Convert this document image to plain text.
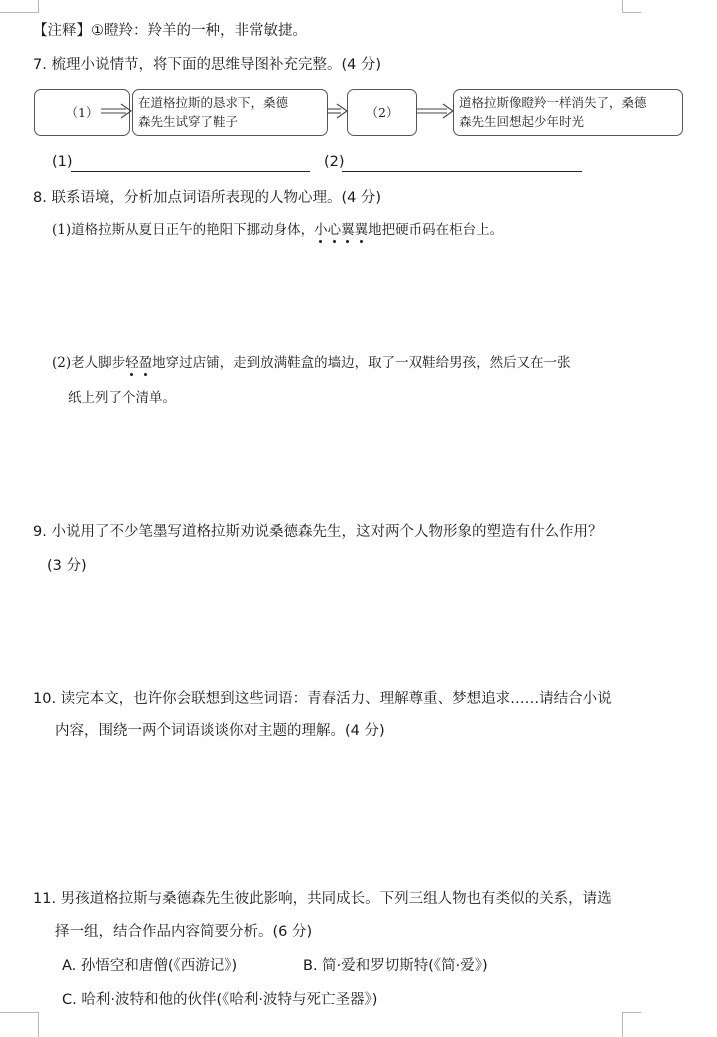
【注释】①瞪羚：羚羊的一种，非常敏捷。
7. 梳理小说情节，将下面的思维导图补充完整。(4 分)
（1）
在道格拉斯的恳求下，桑德
森先生试穿了鞋子
（2）
道格拉斯像瞪羚一样消失了，桑德
森先生回想起少年时光
(1)	(2)
8. 联系语境，分析加点词语所表现的人物心理。(4 分)
(1)道格拉斯从夏日正午的艳阳下挪动身体，小心翼翼地把硬币码在柜台上。
(2)老人脚步轻盈地穿过店铺，走到放满鞋盒的墙边，取了一双鞋给男孩，然后又在一张
纸上列了个清单。
9. 小说用了不少笔墨写道格拉斯劝说桑德森先生，这对两个人物形象的塑造有什么作用？
(3 分)
10. 读完本文，也许你会联想到这些词语：青春活力、理解尊重、梦想追求……请结合小说
内容，围绕一两个词语谈谈你对主题的理解。(4 分)
11. 男孩道格拉斯与桑德森先生彼此影响，共同成长。下列三组人物也有类似的关系，请选
择一组，结合作品内容简要分析。(6 分)
A. 孙悟空和唐僧(《西游记》)	B. 简·爱和罗切斯特(《简·爱》)
C. 哈利·波特和他的伙伴(《哈利·波特与死亡圣器》)
